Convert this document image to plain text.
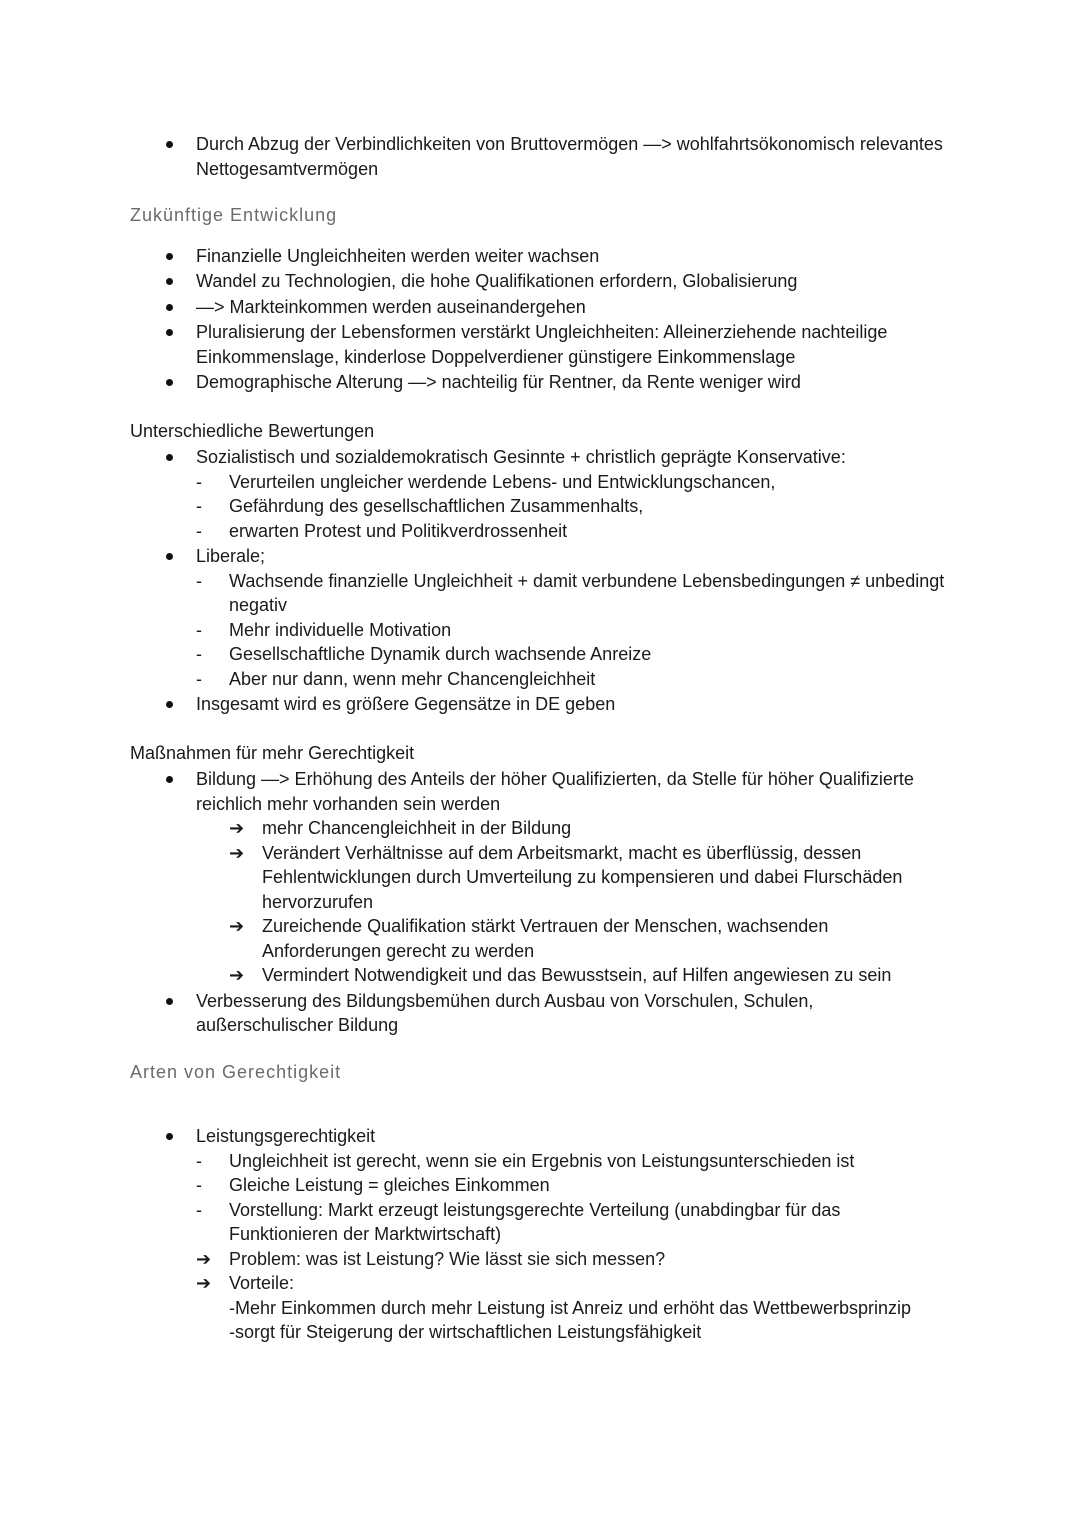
Durch Abzug der Verbindlichkeiten von Bruttovermögen —> wohlfahrtsökonomisch relevantes Nettogesamtvermögen
Zukünftige Entwicklung
Finanzielle Ungleichheiten werden weiter wachsen
Wandel zu Technologien, die hohe Qualifikationen erfordern, Globalisierung
—> Markteinkommen werden auseinandergehen
Pluralisierung der Lebensformen verstärkt Ungleichheiten: Alleinerziehende nachteilige Einkommenslage, kinderlose Doppelverdiener günstigere Einkommenslage
Demographische Alterung —> nachteilig für Rentner, da Rente weniger wird
Unterschiedliche Bewertungen
Sozialistisch und sozialdemokratisch Gesinnte + christlich geprägte Konservative:
- Verurteilen ungleicher werdende Lebens- und Entwicklungschancen,
- Gefährdung des gesellschaftlichen Zusammenhalts,
- erwarten Protest und Politikverdrossenheit
Liberale;
- Wachsende finanzielle Ungleichheit + damit verbundene Lebensbedingungen ≠ unbedingt negativ
- Mehr individuelle Motivation
- Gesellschaftliche Dynamik durch wachsende Anreize
- Aber nur dann, wenn mehr Chancengleichheit
Insgesamt wird es größere Gegensätze in DE geben
Maßnahmen für mehr Gerechtigkeit
Bildung —> Erhöhung des Anteils der höher Qualifizierten, da Stelle für höher Qualifizierte reichlich mehr vorhanden sein werden
➔ mehr Chancengleichheit in der Bildung
➔ Verändert Verhältnisse auf dem Arbeitsmarkt, macht es überflüssig, dessen Fehlentwicklungen durch Umverteilung zu kompensieren und dabei Flurschäden hervorzurufen
➔ Zureichende Qualifikation stärkt Vertrauen der Menschen, wachsenden Anforderungen gerecht zu werden
➔ Vermindert Notwendigkeit und das Bewusstsein, auf Hilfen angewiesen zu sein
Verbesserung des Bildungsbemühen durch Ausbau von Vorschulen, Schulen, außerschulischer Bildung
Arten von Gerechtigkeit
Leistungsgerechtigkeit
- Ungleichheit ist gerecht, wenn sie ein Ergebnis von Leistungsunterschieden ist
- Gleiche Leistung = gleiches Einkommen
- Vorstellung: Markt erzeugt leistungsgerechte Verteilung (unabdingbar für das Funktionieren der Marktwirtschaft)
➔ Problem: was ist Leistung? Wie lässt sie sich messen?
➔ Vorteile:
-Mehr Einkommen durch mehr Leistung ist Anreiz und erhöht das Wettbewerbsprinzip
-sorgt für Steigerung der wirtschaftlichen Leistungsfähigkeit
